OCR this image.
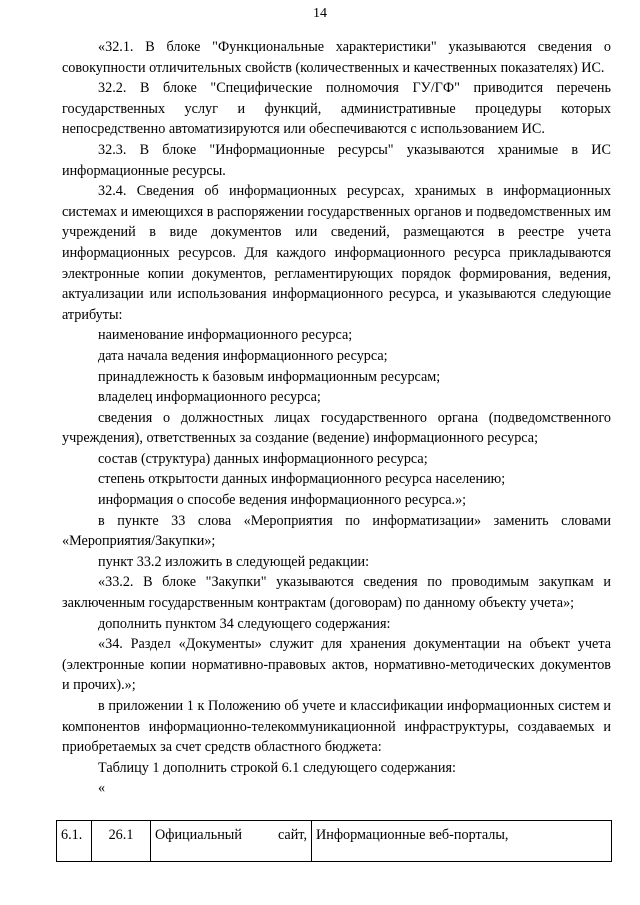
14

«32.1. В блоке "Функциональные характеристики" указываются сведения о совокупности отличительных свойств (количественных и качественных показателях) ИС.

32.2. В блоке "Специфические полномочия ГУ/ГФ" приводится перечень государственных услуг и функций, административные процедуры которых непосредственно автоматизируются или обеспечиваются с использованием ИС.

32.3. В блоке "Информационные ресурсы" указываются хранимые в ИС информационные ресурсы.

32.4. Сведения об информационных ресурсах, хранимых в информационных системах и имеющихся в распоряжении государственных органов и подведомственных им учреждений в виде документов или сведений, размещаются в реестре учета информационных ресурсов. Для каждого информационного ресурса прикладываются электронные копии документов, регламентирующих порядок формирования, ведения, актуализации или использования информационного ресурса, и указываются следующие атрибуты:

наименование информационного ресурса;

дата начала ведения информационного ресурса;

принадлежность к базовым информационным ресурсам;

владелец информационного ресурса;

сведения о должностных лицах государственного органа (подведомственного учреждения), ответственных за создание (ведение) информационного ресурса;

состав (структура) данных информационного ресурса;

степень открытости данных информационного ресурса населению;

информация о способе ведения информационного ресурса.»;

в пункте 33 слова «Мероприятия по информатизации» заменить словами «Мероприятия/Закупки»;

пункт 33.2 изложить в следующей редакции:

«33.2. В блоке "Закупки" указываются сведения по проводимым закупкам и заключенным государственным контрактам (договорам) по данному объекту учета»;

дополнить пунктом 34 следующего содержания:

«34. Раздел «Документы» служит для хранения документации на объект учета (электронные копии нормативно-правовых актов, нормативно-методических документов и прочих).»;

в приложении 1 к Положению об учете и классификации информационных систем и компонентов информационно-телекоммуникационной инфраструктуры, создаваемых и приобретаемых за счет средств областного бюджета:

Таблицу 1 дополнить строкой 6.1 следующего содержания:

«

6.1.	26.1	Официальный сайт,	Информационные веб-порталы,
